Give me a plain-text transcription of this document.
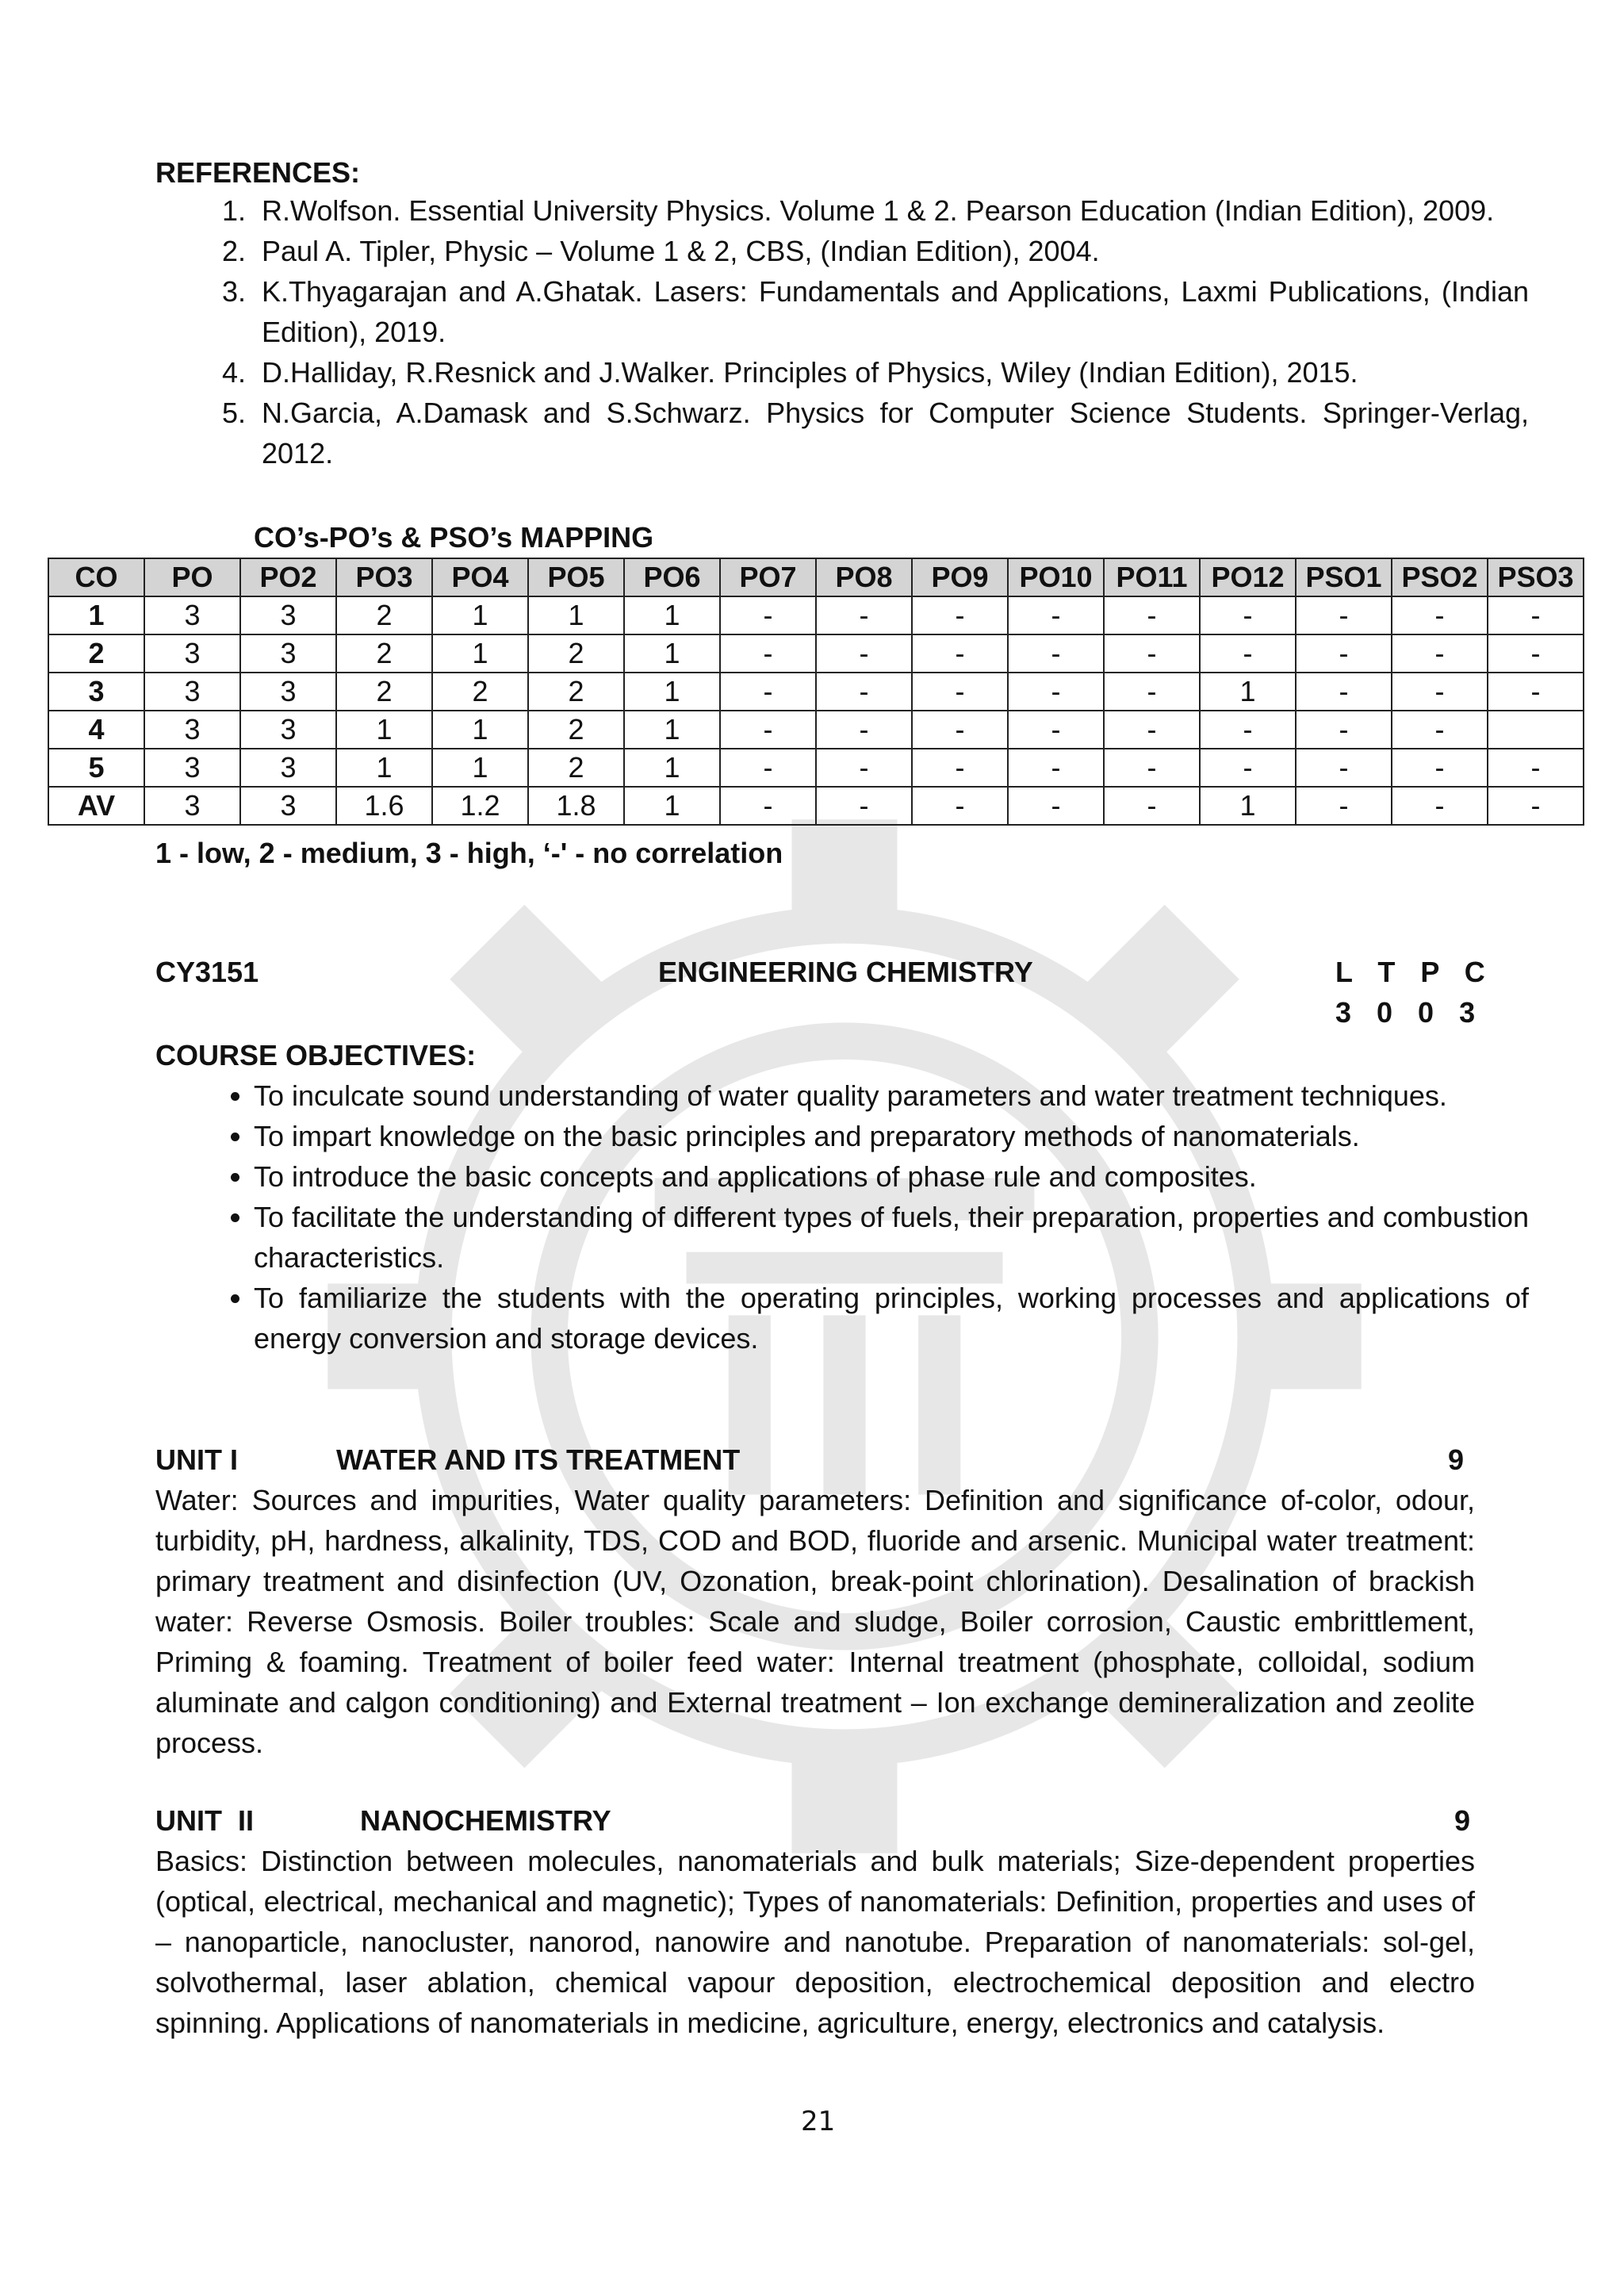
REFERENCES:
1. R.Wolfson. Essential University Physics. Volume 1 & 2. Pearson Education (Indian Edition), 2009.
2. Paul A. Tipler, Physic – Volume 1 & 2, CBS, (Indian Edition), 2004.
3. K.Thyagarajan and A.Ghatak. Lasers: Fundamentals and Applications, Laxmi Publications, (Indian Edition), 2019.
4. D.Halliday, R.Resnick and J.Walker. Principles of Physics, Wiley (Indian Edition), 2015.
5. N.Garcia, A.Damask and S.Schwarz. Physics for Computer Science Students. Springer-Verlag, 2012.
CO’s-PO’s & PSO’s MAPPING
CO	PO	PO2	PO3	PO4	PO5	PO6	PO7	PO8	PO9	PO10	PO11	PO12	PSO1	PSO2	PSO3
1	3	3	2	1	1	1	-	-	-	-	-	-	-	-	-
2	3	3	2	1	2	1	-	-	-	-	-	-	-	-	-
3	3	3	2	2	2	1	-	-	-	-	-	1	-	-	-
4	3	3	1	1	2	1	-	-	-	-	-	-	-	-	
5	3	3	1	1	2	1	-	-	-	-	-	-	-	-	-
AV	3	3	1.6	1.2	1.8	1	-	-	-	-	-	1	-	-	-
1 - low, 2 - medium, 3 - high, ‘-' - no correlation
CY3151	ENGINEERING CHEMISTRY	L T P C
3 0 0 3
COURSE OBJECTIVES:
• To inculcate sound understanding of water quality parameters and water treatment techniques.
• To impart knowledge on the basic principles and preparatory methods of nanomaterials.
• To introduce the basic concepts and applications of phase rule and composites.
• To facilitate the understanding of different types of fuels, their preparation, properties and combustion characteristics.
• To familiarize the students with the operating principles, working processes and applications of energy conversion and storage devices.
UNIT I	WATER AND ITS TREATMENT	9
Water: Sources and impurities, Water quality parameters: Definition and significance of-color, odour, turbidity, pH, hardness, alkalinity, TDS, COD and BOD, fluoride and arsenic. Municipal water treatment: primary treatment and disinfection (UV, Ozonation, break-point chlorination). Desalination of brackish water: Reverse Osmosis. Boiler troubles: Scale and sludge, Boiler corrosion, Caustic embrittlement, Priming & foaming. Treatment of boiler feed water: Internal treatment (phosphate, colloidal, sodium aluminate and calgon conditioning) and External treatment – Ion exchange demineralization and zeolite process.
UNIT  II	NANOCHEMISTRY	9
Basics: Distinction between molecules, nanomaterials and bulk materials; Size-dependent properties (optical, electrical, mechanical and magnetic); Types of nanomaterials: Definition, properties and uses of – nanoparticle, nanocluster, nanorod, nanowire and nanotube. Preparation of nanomaterials: sol-gel, solvothermal, laser ablation, chemical vapour deposition, electrochemical deposition and electro spinning. Applications of nanomaterials in medicine, agriculture, energy, electronics and catalysis.
21
